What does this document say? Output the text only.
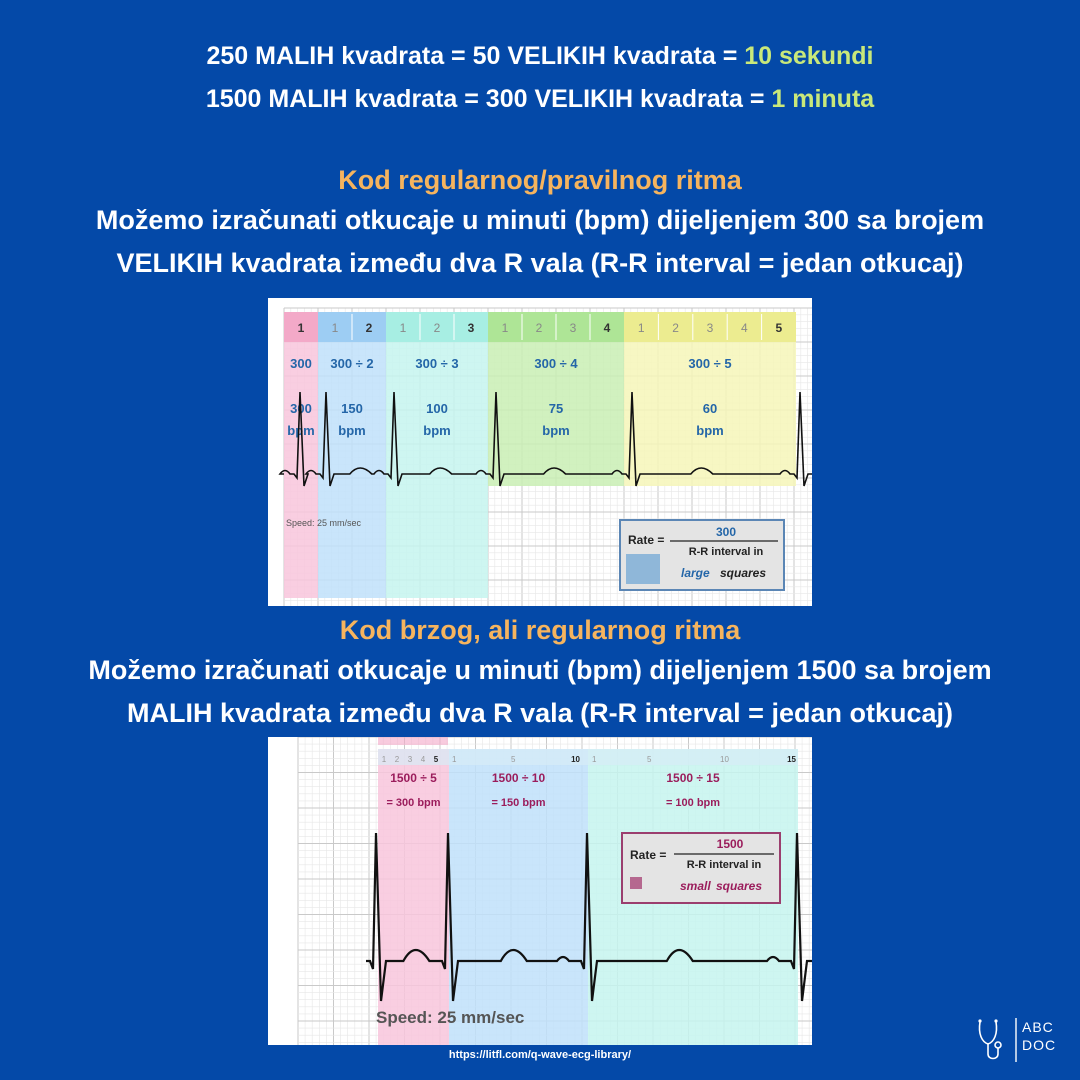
250 MALIH kvadrata = 50 VELIKIH kvadrata = 10 sekundi
1500 MALIH kvadrata = 300 VELIKIH kvadrata = 1 minuta
Kod regularnog/pravilnog ritma
Možemo izračunati otkucaje u minuti (bpm) dijeljenjem 300 sa brojem
VELIKIH kvadrata između dva R vala (R-R interval = jedan otkucaj)
1
300
300
bpm
1 2
300 ÷ 2
150
bpm
1 2 3
300 ÷ 3
100
bpm
1 2 3 4
300 ÷ 4
75
bpm
1 2 3 4 5
300 ÷ 5
60
bpm
Speed: 25 mm/sec
Rate =
300
R-R interval in
large squares
Kod brzog, ali regularnog ritma
Možemo izračunati otkucaje u minuti (bpm) dijeljenjem 1500 sa brojem
MALIH kvadrata između dva R vala (R-R interval = jedan otkucaj)
1500 ÷ 5
= 300 bpm
1500 ÷ 10
= 150 bpm
1500 ÷ 15
= 100 bpm
1 2 3 4 5 1	5	10 1	5	10	15
Speed: 25 mm/sec
Rate =
1500
R-R interval in
small squares
https://litfl.com/q-wave-ecg-library/
ABC
DOC
